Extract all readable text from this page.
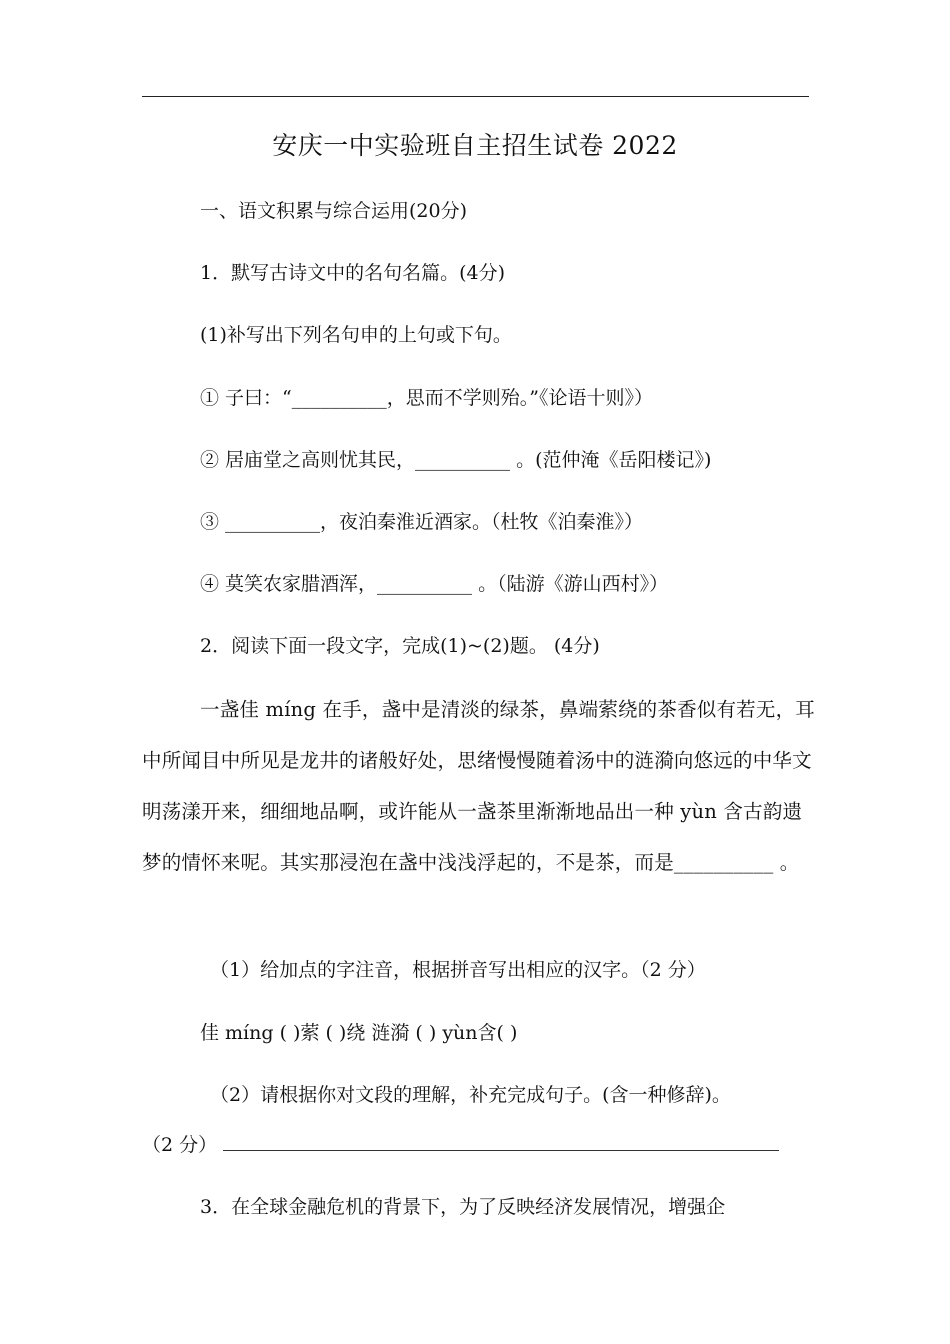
安庆一中实验班自主招生试卷 2022
一、语文积累与综合运用(20分)
1．默写古诗文中的名句名篇。(4分)
(1)补写出下列名句申的上句或下句。
① 子曰：“__________，思而不学则殆。”《论语十则》）
② 居庙堂之高则忧其民，__________ 。(范仲淹《岳阳楼记》)
③ __________，夜泊秦淮近酒家。（杜牧《泊秦淮》）
④ 莫笑农家腊酒浑，__________ 。（陆游《游山西村》）
2．阅读下面一段文字，完成(1)~(2)题。 (4分)
一盏佳 míng 在手，盏中是清淡的绿茶，鼻端萦绕的茶香似有若无，耳中所闻目中所见是龙井的诸般好处，思绪慢慢随着汤中的涟漪向悠远的中华文明荡漾开来，细细地品啊，或许能从一盏茶里渐渐地品出一种 yùn 含古韵遗梦的情怀来呢。其实那浸泡在盏中浅浅浮起的，不是茶，而是__________ 。
（1）给加点的字注音，根据拼音写出相应的汉字。（2 分）
佳 míng ( )萦 ( )绕 涟漪 ( ) yùn含( )
（2）请根据你对文段的理解，补充完成句子。(含一种修辞)。
（2 分）
3．在全球金融危机的背景下，为了反映经济发展情况，增强企
